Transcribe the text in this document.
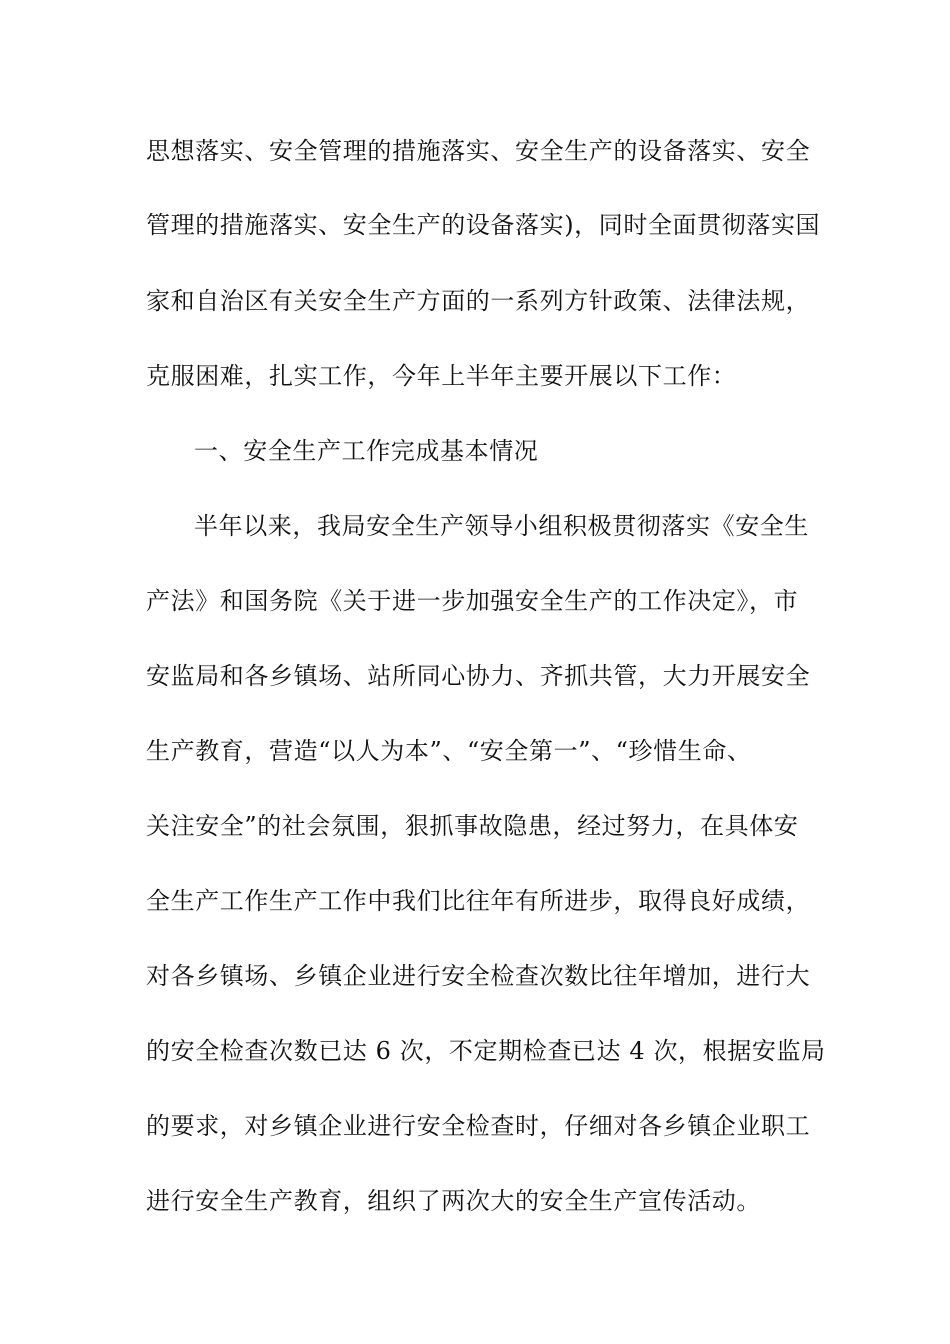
思想落实、安全管理的措施落实、安全生产的设备落实、安全
管理的措施落实、安全生产的设备落实)，同时全面贯彻落实国
家和自治区有关安全生产方面的一系列方针政策、法律法规，
克服困难，扎实工作，今年上半年主要开展以下工作：
一、安全生产工作完成基本情况
半年以来，我局安全生产领导小组积极贯彻落实《安全生
产法》和国务院《关于进一步加强安全生产的工作决定》，市
安监局和各乡镇场、站所同心协力、齐抓共管，大力开展安全
生产教育，营造“以人为本”、“安全第一”、“珍惜生命、
关注安全”的社会氛围，狠抓事故隐患，经过努力，在具体安
全生产工作生产工作中我们比往年有所进步，取得良好成绩，
对各乡镇场、乡镇企业进行安全检查次数比往年增加，进行大
的安全检查次数已达 6 次，不定期检查已达 4 次，根据安监局
的要求，对乡镇企业进行安全检查时，仔细对各乡镇企业职工
进行安全生产教育，组织了两次大的安全生产宣传活动。
